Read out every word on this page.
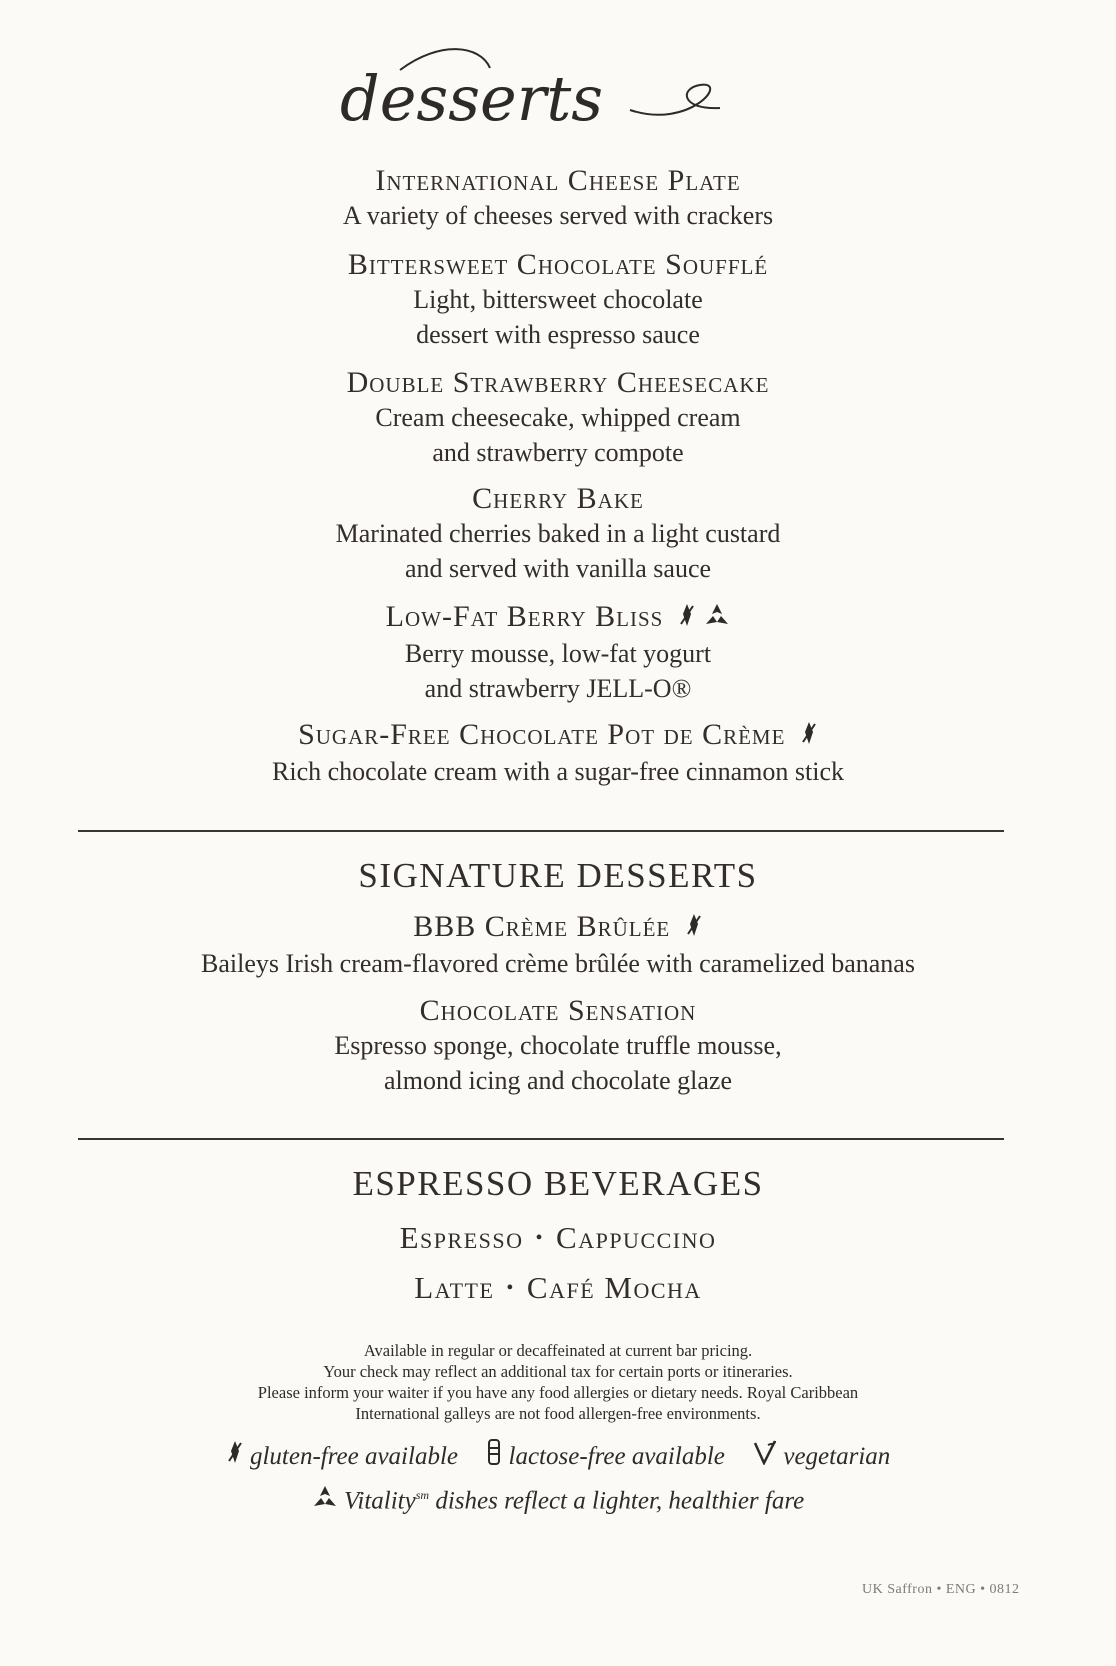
desserts
International Cheese Plate
A variety of cheeses served with crackers
Bittersweet Chocolate Soufflé
Light, bittersweet chocolate
dessert with espresso sauce
Double Strawberry Cheesecake
Cream cheesecake, whipped cream
and strawberry compote
Cherry Bake
Marinated cherries baked in a light custard
and served with vanilla sauce
Low-Fat Berry Bliss
Berry mousse, low-fat yogurt
and strawberry JELL-O®
Sugar-Free Chocolate Pot de Crème
Rich chocolate cream with a sugar-free cinnamon stick
SIGNATURE DESSERTS
BBB Crème Brûlée
Baileys Irish cream-flavored crème brûlée with caramelized bananas
Chocolate Sensation
Espresso sponge, chocolate truffle mousse,
almond icing and chocolate glaze
ESPRESSO BEVERAGES
Espresso • Cappuccino
Latte • Café Mocha
Available in regular or decaffeinated at current bar pricing.
Your check may reflect an additional tax for certain ports or itineraries.
Please inform your waiter if you have any food allergies or dietary needs. Royal Caribbean
International galleys are not food allergen-free environments.
gluten-free available lactose-free available vegetarian
Vitality$^{sm}$ dishes reflect a lighter, healthier fare
UK Saffron • ENG • 0812
